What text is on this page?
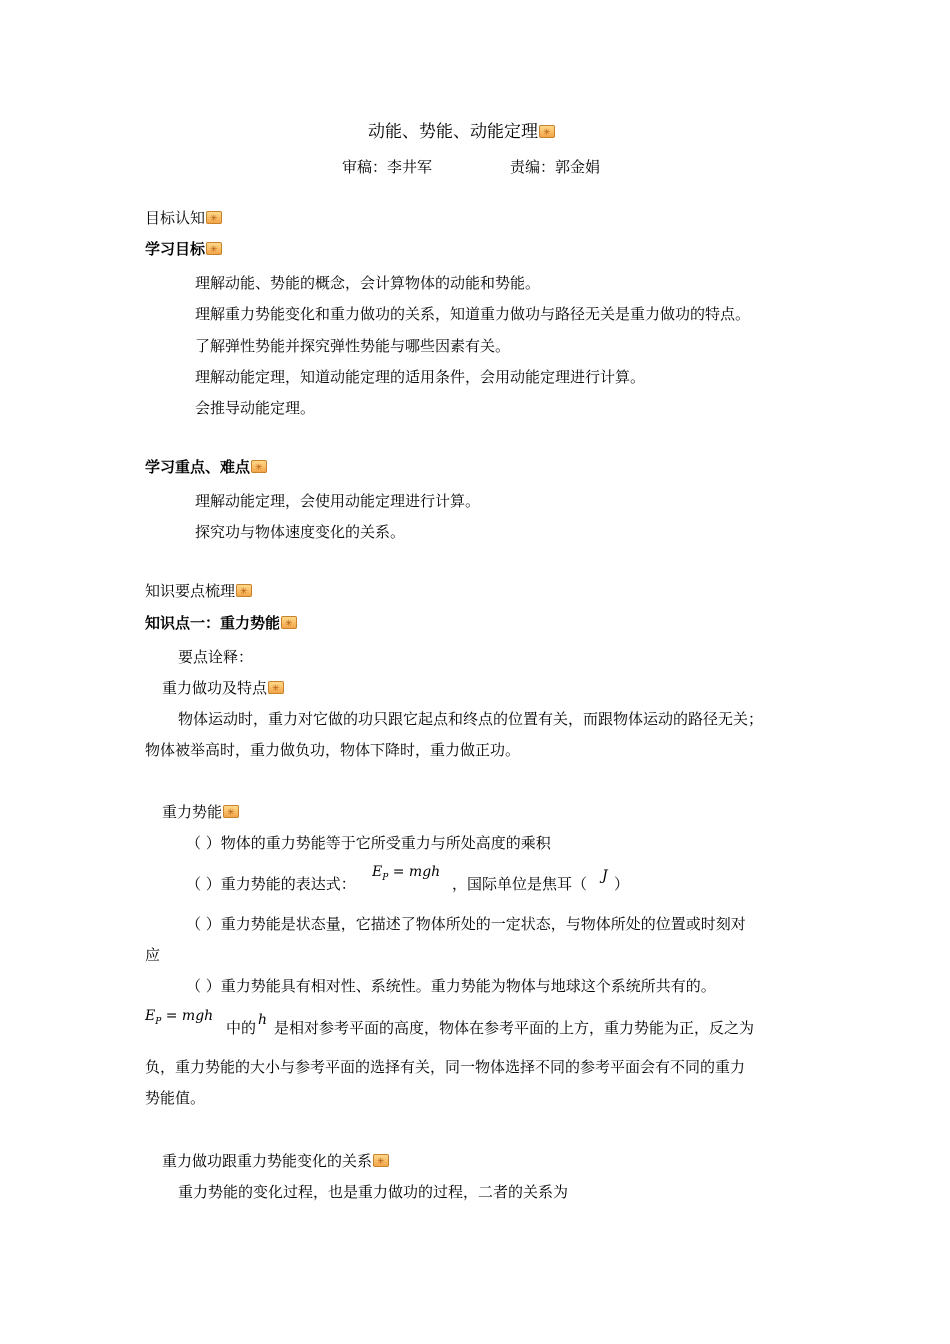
动能、势能、动能定理✳
审稿：李井军	责编：郭金娟
目标认知✳
学习目标✳
理解动能、势能的概念，会计算物体的动能和势能。
理解重力势能变化和重力做功的关系，知道重力做功与路径无关是重力做功的特点。
了解弹性势能并探究弹性势能与哪些因素有关。
理解动能定理，知道动能定理的适用条件，会用动能定理进行计算。
会推导动能定理。
学习重点、难点✳
理解动能定理，会使用动能定理进行计算。
探究功与物体速度变化的关系。
知识要点梳理✳
知识点一：重力势能✳
要点诠释：
重力做功及特点✳
物体运动时，重力对它做的功只跟它起点和终点的位置有关，而跟物体运动的路径无关；
物体被举高时，重力做负功，物体下降时，重力做正功。
重力势能✳
（ ）物体的重力势能等于它所受重力与所处高度的乘积
（ ）重力势能的表达式：
$E_P$ = mgh
，国际单位是焦耳（ J ）
（ ）重力势能是状态量，它描述了物体所处的一定状态，与物体所处的位置或时刻对
应
（ ）重力势能具有相对性、系统性。重力势能为物体与地球这个系统所共有的。
$E_P$ = mgh
中的 h 是相对参考平面的高度，物体在参考平面的上方，重力势能为正，反之为
负，重力势能的大小与参考平面的选择有关，同一物体选择不同的参考平面会有不同的重力
势能值。
重力做功跟重力势能变化的关系✳
重力势能的变化过程，也是重力做功的过程，二者的关系为
